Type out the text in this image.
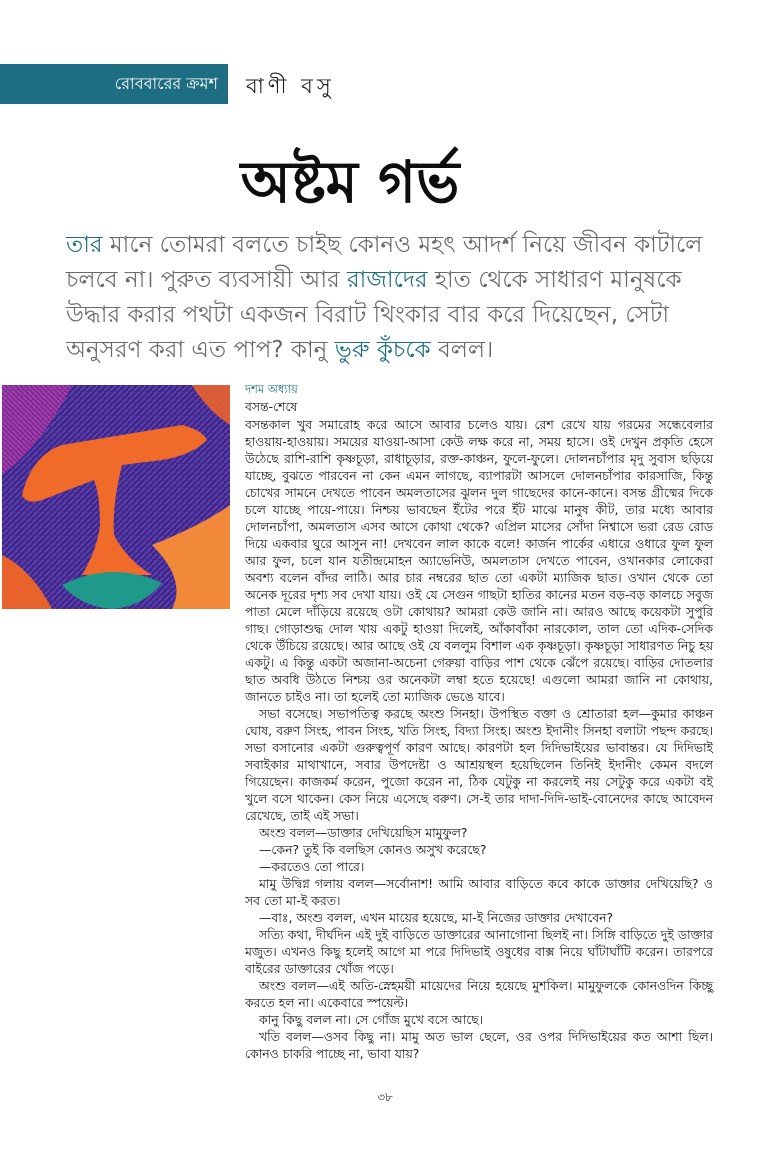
রোববারের ক্রমশ	বাণী বসু
অষ্টম গর্ভ
তার মানে তোমরা বলতে চাইছ কোনও মহৎ আদর্শ নিয়ে জীবন কাটালে চলবে না। পুরুত ব্যবসায়ী আর রাজাদের হাত থেকে সাধারণ মানুষকে উদ্ধার করার পথটা একজন বিরাট থিংকার বার করে দিয়েছেন, সেটা অনুসরণ করা এত পাপ? কানু ভুরু কুঁচকে বলল।

দশম অধ্যায়

বসন্ত-শেষে

বসন্তকাল খুব সমারোহ করে আসে আবার চলেও যায়। রেশ রেখে যায় গরমের সন্ধেবেলার হাওয়ায়-হাওয়ায়। সময়ের যাওয়া-আসা কেউ লক্ষ করে না, সময় হাসে। ওই দেখুন প্রকৃতি হেসে উঠেছে রাশি-রাশি কৃষ্ণচূড়া, রাধাচূড়ার, রক্ত-কাঞ্চন, ফুলে-ফুলে। দোলনচাঁপার মৃদু সুবাস ছড়িয়ে যাচ্ছে, বুঝতে পারবেন না কেন এমন লাগছে, ব্যাপারটা আসলে দোলনচাঁপার কারসাজি, কিন্তু চোখের সামনে দেখতে পাবেন অমলতাসের ঝুলন দুল গাছেদের কানে-কানে। বসন্ত গ্রীষ্মের দিকে চলে যাচ্ছে পায়ে-পায়ে। নিশ্চয় ভাবছেন ইঁটের পরে ইঁট মাঝে মানুষ কীট, তার মধ্যে আবার দোলনচাঁপা, অমলতাস এসব আসে কোথা থেকে? এপ্রিল মাসের সোঁদা নিশ্বাসে ভরা রেড রোড দিয়ে একবার ঘুরে আসুন না! দেখবেন লাল কাকে বলে! কার্জন পার্কের এধারে ওধারে ফুল ফুল আর ফুল, চলে যান যতীন্দ্রমোহন অ্যাভেনিউ, অমলতাস দেখতে পাবেন, ওখানকার লোকেরা অবশ্য বলেন বাঁদর লাঠি। আর চার নম্বরের ছাত তো একটা ম্যাজিক ছাত। ওখান থেকে তো অনেক দূরের দৃশ্য সব দেখা যায়। ওই যে সেগুন গাছটা হাতির কানের মতন বড়-বড় কালচে সবুজ পাতা মেলে দাঁড়িয়ে রয়েছে ওটা কোথায়? আমরা কেউ জানি না। আরও আছে কয়েকটা সুপুরি গাছ। গোড়াশুদ্ধ দোল খায় একটু হাওয়া দিলেই, আঁকাবাঁকা নারকোল, তাল তো এদিক-সেদিক থেকে উঁচিয়ে রয়েছে। আর আছে ওই যে বললুম বিশাল এক কৃষ্ণচূড়া। কৃষ্ণচূড়া সাধারণত নিচু হয় একটু। এ কিন্তু একটা অজানা-অচেনা গেরুয়া বাড়ির পাশ থেকে ঝেঁপে রয়েছে। বাড়ির দোতলার ছাত অবধি উঠতে নিশ্চয় ওর অনেকটা লম্বা হতে হয়েছে! এগুলো আমরা জানি না কোথায়, জানতে চাইও না। তা হলেই তো ম্যাজিক ভেঙে যাবে।

সভা বসেছে। সভাপতিত্ব করছে অংশু সিনহা। উপস্থিত বক্তা ও শ্রোতারা হল—কুমার কাঞ্চন ঘোষ, বরুণ সিংহ, পাবন সিংহ, খতি সিংহ, বিদ্যা সিংহ। অংশু ইদানীং সিনহা বলাটা পছন্দ করছে। সভা বসানোর একটা গুরুত্বপূর্ণ কারণ আছে। কারণটা হল দিদিভাইয়ের ভাবান্তর। যে দিদিভাই সবাইকার মাথাখানে, সবার উপদেষ্টা ও আশ্রয়স্থল হয়েছিলেন তিনিই ইদানীং কেমন বদলে গিয়েছেন। কাজকর্ম করেন, পুজো করেন না, ঠিক যেটুকু না করলেই নয় সেটুকু করে একটা বই খুলে বসে থাকেন। কেস নিয়ে এসেছে বরুণ। সে-ই তার দাদা-দিদি-ভাই-বোনেদের কাছে আবেদন রেখেছে, তাই এই সভা।

অংশু বলল—ডাক্তার দেখিয়েছিস মামুফুল?

—কেন? তুই কি বলছিস কোনও অসুখ করেছে?

—করতেও তো পারে।

মামু উদ্বিগ্ন গলায় বলল—সর্বোনাশ! আমি আবার বাড়িতে কবে কাকে ডাক্তার দেখিয়েছি? ও সব তো মা-ই করত।

—বাঃ, অংশু বলল, এখন মায়ের হয়েছে, মা-ই নিজের ডাক্তার দেখাবেন?

সত্যি কথা, দীর্ঘদিন এই দুই বাড়িতে ডাক্তারের আনাগোনা ছিলই না। সিঙ্গি বাড়িতে দুই ডাক্তার মজুত। এখনও কিছু হলেই আগে মা পরে দিদিভাই ওষুধের বাক্স নিয়ে ঘাঁটাঘাঁটি করেন। তারপরে বাইরের ডাক্তারের খোঁজ পড়ে।

অংশু বলল—এই অতি-স্নেহময়ী মায়েদের নিয়ে হয়েছে মুশকিল। মামুফুলকে কোনওদিন কিচ্ছু করতে হল না। একেবারে স্পয়েল্ট।

কানু কিছু বলল না। সে গোঁজ মুখে বসে আছে।

খতি বলল—ওসব কিছু না। মামু অত ভাল ছেলে, ওর ওপর দিদিভাইয়ের কত আশা ছিল। কোনও চাকরি পাচ্ছে না, ভাবা যায়?

৩৮
